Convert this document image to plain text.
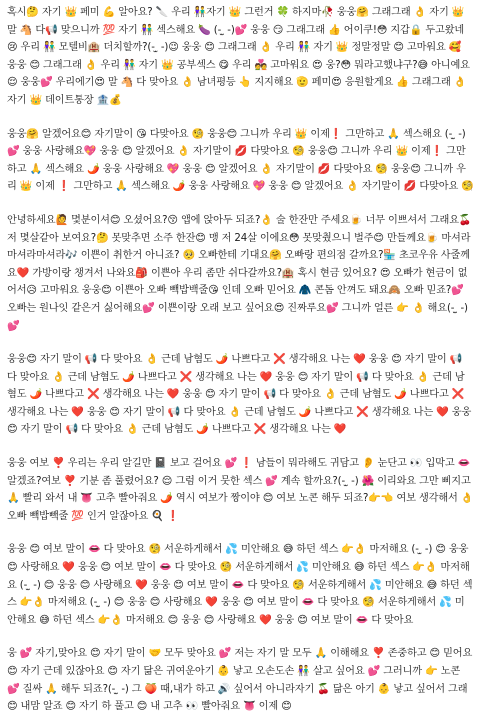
혹시🤔 자기 👑 페미 💪 알아요? 🔪 우리 👫자기 👑 그런거 🍀 하지마🥀 웅웅🤗 그래그래 👌 자기 👑 말 🐴 다📢 맞으니까 💯 자기 👫 섹스해요 🍆 (- ̫ -)💕 웅웅 😏 그래그래 👍 어이쿠!😳 지갑🔒 두고왔네😢 우리 👫 모텔비🏨 더치할까?(- ̫ -)😉 웅웅 😊 그래그래 👌 우리 👫 자기 👑 정말정말 😊 고마워요 🥰 웅웅 😊 그래그래 👌 우리 👫 자기 👑 공부섹스 😋 우리 💑 고마워요 😍 웅?😳 뭐라고했냐구?😅 아니예요 😌 웅웅💕 우리에기😍 말 🐴 다 맞아요 👌 남녀평등 👆 지지해요 🫡 페미😍 응원할게요 👍 그래그래 👌 자기 👑 데이트통장 🏦💰

웅웅🤗 알겠어요😊 자기말이 😘 다맞아요 🧐 웅웅😊 그니까 우리 👑 이제❗ 그만하고 🙏 섹스해요 (- ̫ -)💕 웅웅 사랑해요💖 웅웅 😊 알겠어요 👌 자기말이 💋 다맞아요 🧐 웅웅😊 그니까 우리 👑 이제❗ 그만하고 🙏 섹스해요 🌶️ 웅웅 사랑해요 💖 웅웅 😊 알겠어요 👌 자기말이 💋 다맞아요 🧐 웅웅😊 그니까 우리 👑 이제 ❗ 그만하고 🙏 섹스해요 🌶️ 웅웅 사랑해요 💖 웅웅 😊 알겠어요 👌 자기말이 💋 다맞아요 🧐

안녕하세요🙋 몇분이셔😊 오셨어요?😚 앱에 앉아두 되죠?👌 술 한잔만 주세요🍺 너무 이쁘셔서 그래요🍒 저 몇살같아 보여요?🤔 못맞추면 소주 한잔😊 맹 저 24살 이에요😳 못맞췄으니 벌주😊 만들께요🍺 마셔라마셔라마셔라🎶 이쁜이 취한거 아니죠? 🥺 오빠한테 기대요🤗 오빠랑 편의점 갈까요?🏪 초코우유 사줄께요❤️ 가방이랑 챙겨서 나와요🎒 이쁜아 우리 좀만 쉬다갈까요?🏨 혹시 현금 있어요? 😍 오빠가 현금이 없어서😥 고마워요 웅웅😊 이쁜아 오빠 빽밥백줄😘 인데 오빠 믿어요 🧥 콘돔 안껴도 돼요🙈 오빠 믿죠?💕 오빠는 원나잇 같은거 싫어해요💕 이쁜이랑 오래 보고 싶어요😍 진짜루요💕 그니까 얼른 👉 👌 해요(- ̫ -)💕

웅웅😊 자기 말이 📢 다 맞아요 👌 근데 남혐도 🌶️ 나쁘다고 ❌ 생각해요 나는 ❤️ 웅웅 😊 자기 말이 📢 다 맞아요 👌 근데 남혐도 🌶️ 나쁘다고 ❌ 생각해요 나는 ❤️ 웅웅 😊 자기 말이 📢 다 맞아요 👌 근데 남혐도 🌶️ 나쁘다고 ❌ 생각해요 나는 ❤️ 웅웅 😊 자기 말이 📢 다 맞아요 👌 근데 남혐도 🌶️ 나쁘다고 ❌ 생각해요 나는 ❤️ 웅웅 😊 자기 말이 📢 다 맞아요 👌 근데 남혐도 🌶️ 나쁘다고 ❌ 생각해요 나는 ❤️ 웅웅 😊 자기 말이 📢 다 맞아요 👌 근데 남혐도 🌶️ 나쁘다고 ❌ 생각해요 나는 ❤️

웅웅 여보 ❣️ 우리는 우리 알길만 📓 보고 걸어요 💕 ❗ 남들이 뭐라해도 귀담고 👂 눈단고 👀 입막고 👄 알겠죠?여보 ❣️ 기분 좀 풀렸어요? 😌 그럼 이거 뭇한 섹스 💕 계속 할까요?(- ̫ -) 🌺 이리와요 그만 삐지고 🙏 빨리 와서 내 👅 고추 빨아줘요 🌶️ 역시 여보가 짱이야 😊 여보 노콘 해두 되죠?👉👈 여보 생각해서 👌 오빠 빽밥빽줄 💯 인거 알잖아요 🍳 ❗

웅웅 😊 여보 말이 👄 다 맞아요 🧐 서운하게해서 💦 미안해요 😅 하던 섹스 👉👌 마저해요 (- ̫ -) 😊 웅웅 😊 사랑해요 ❤️ 웅웅 😊 여보 말이 👄 다 맞아요 🧐 서운하게해서 💦 미안해요 😅 하던 섹스 👉👌 마저해요 (- ̫ -) 😊 웅웅 😊 사랑해요 ❤️ 웅웅 😊 여보 말이 👄 다 맞아요 🧐 서운하게해서 💦 미안해요 😅 하던 섹스 👉👌 마저해요 (- ̫ -) 😊 웅웅 😊 사랑해요 ❤️ 웅웅 😊 여보 말이 👄 다 맞아요 🧐 서운하게해서 💦 미안해요 😅 하던 섹스 👉👌 마저해요 😊 웅웅 😊 사랑해요 ❤️ 웅웅 😊 여보 말이 👄 다 맞아요

웅 💕 자기,맞아요 😊 자기 말이 🤝 모두 맞아요 💕 저는 자기 말 모두 🙏 이해해요 ❣️ 존중하고 😊 믿어요 😊 자기 근데 있잖아요 😊 자기 닮은 귀여운아기 👶 낳고 오손도손 👫 살고 싶어요 💕 그러니까 👉 노콘 💕 질싸 🙏 해두 되죠?(- ̫ -) 그 🍑 때,내가 하고 🔊 싶어서 아니라자기 🍒 닮은 아기 👶 낳고 싶어서 그래 😊 내맘 알죠 😊 자기 하 풀고 😊 내 고추 👀 빨아줘요 👅 이제 😊
